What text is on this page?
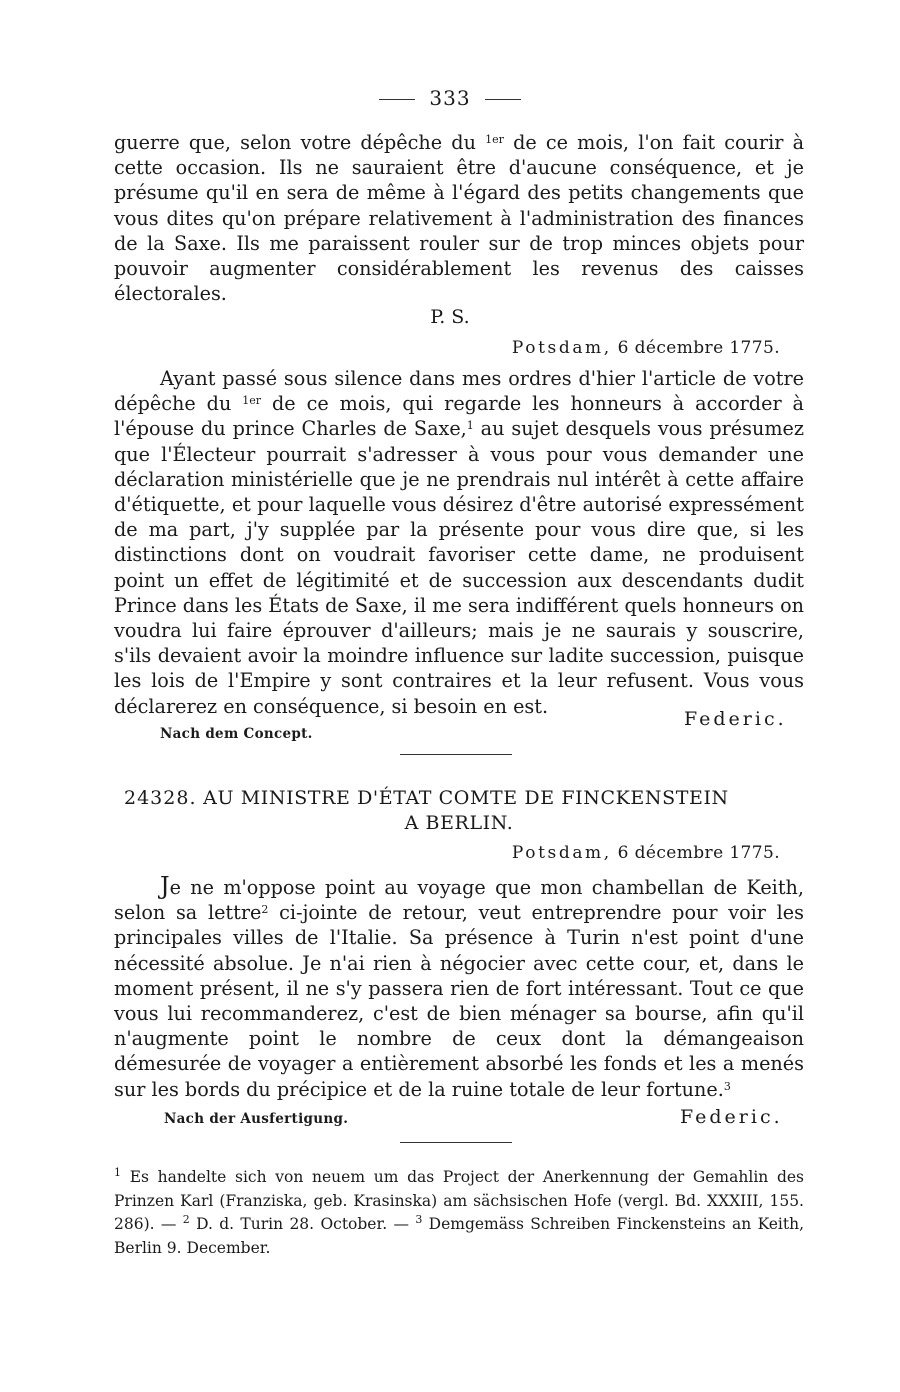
333

guerre que, selon votre dépêche du $^{1er}$ de ce mois, l'on fait courir à cette occasion. Ils ne sauraient être d'aucune conséquence, et je présume qu'il en sera de même à l'égard des petits changements que vous dites qu'on prépare relativement à l'administration des finances de la Saxe. Ils me paraissent rouler sur de trop minces objets pour pouvoir augmenter considérablement les revenus des caisses électorales.

P. S.
Potsdam, 6 décembre 1775.

Ayant passé sous silence dans mes ordres d'hier l'article de votre dépêche du $^{1er}$ de ce mois, qui regarde les honneurs à accorder à l'épouse du prince Charles de Saxe,$^1$ au sujet desquels vous présumez que l'Électeur pourrait s'adresser à vous pour vous demander une déclaration ministérielle que je ne prendrais nul intérêt à cette affaire d'étiquette, et pour laquelle vous désirez d'être autorisé expressément de ma part, j'y supplée par la présente pour vous dire que, si les distinctions dont on voudrait favoriser cette dame, ne produisent point un effet de légitimité et de succession aux descendants dudit Prince dans les États de Saxe, il me sera indifférent quels honneurs on voudra lui faire éprouver d'ailleurs; mais je ne saurais y souscrire, s'ils devaient avoir la moindre influence sur ladite succession, puisque les lois de l'Empire y sont contraires et la leur refusent. Vous vous déclarerez en conséquence, si besoin en est.

Federic.
Nach dem Concept.
24328. AU MINISTRE D'ÉTAT COMTE DE FINCKENSTEIN
A BERLIN.
Potsdam, 6 décembre 1775.

Je ne m'oppose point au voyage que mon chambellan de Keith, selon sa lettre$^2$ ci-jointe de retour, veut entreprendre pour voir les principales villes de l'Italie. Sa présence à Turin n'est point d'une nécessité absolue. Je n'ai rien à négocier avec cette cour, et, dans le moment présent, il ne s'y passera rien de fort intéressant. Tout ce que vous lui recommanderez, c'est de bien ménager sa bourse, afin qu'il n'augmente point le nombre de ceux dont la démangeaison démesurée de voyager a entièrement absorbé les fonds et les a menés sur les bords du précipice et de la ruine totale de leur fortune.$^3$

Nach der Ausfertigung.	Federic.
$^1$ Es handelte sich von neuem um das Project der Anerkennung der Gemahlin des Prinzen Karl (Franziska, geb. Krasinska) am sächsischen Hofe (vergl. Bd. XXXIII, 155. 286). — $^2$ D. d. Turin 28. October. — $^3$ Demgemäss Schreiben Finckensteins an Keith, Berlin 9. December.
